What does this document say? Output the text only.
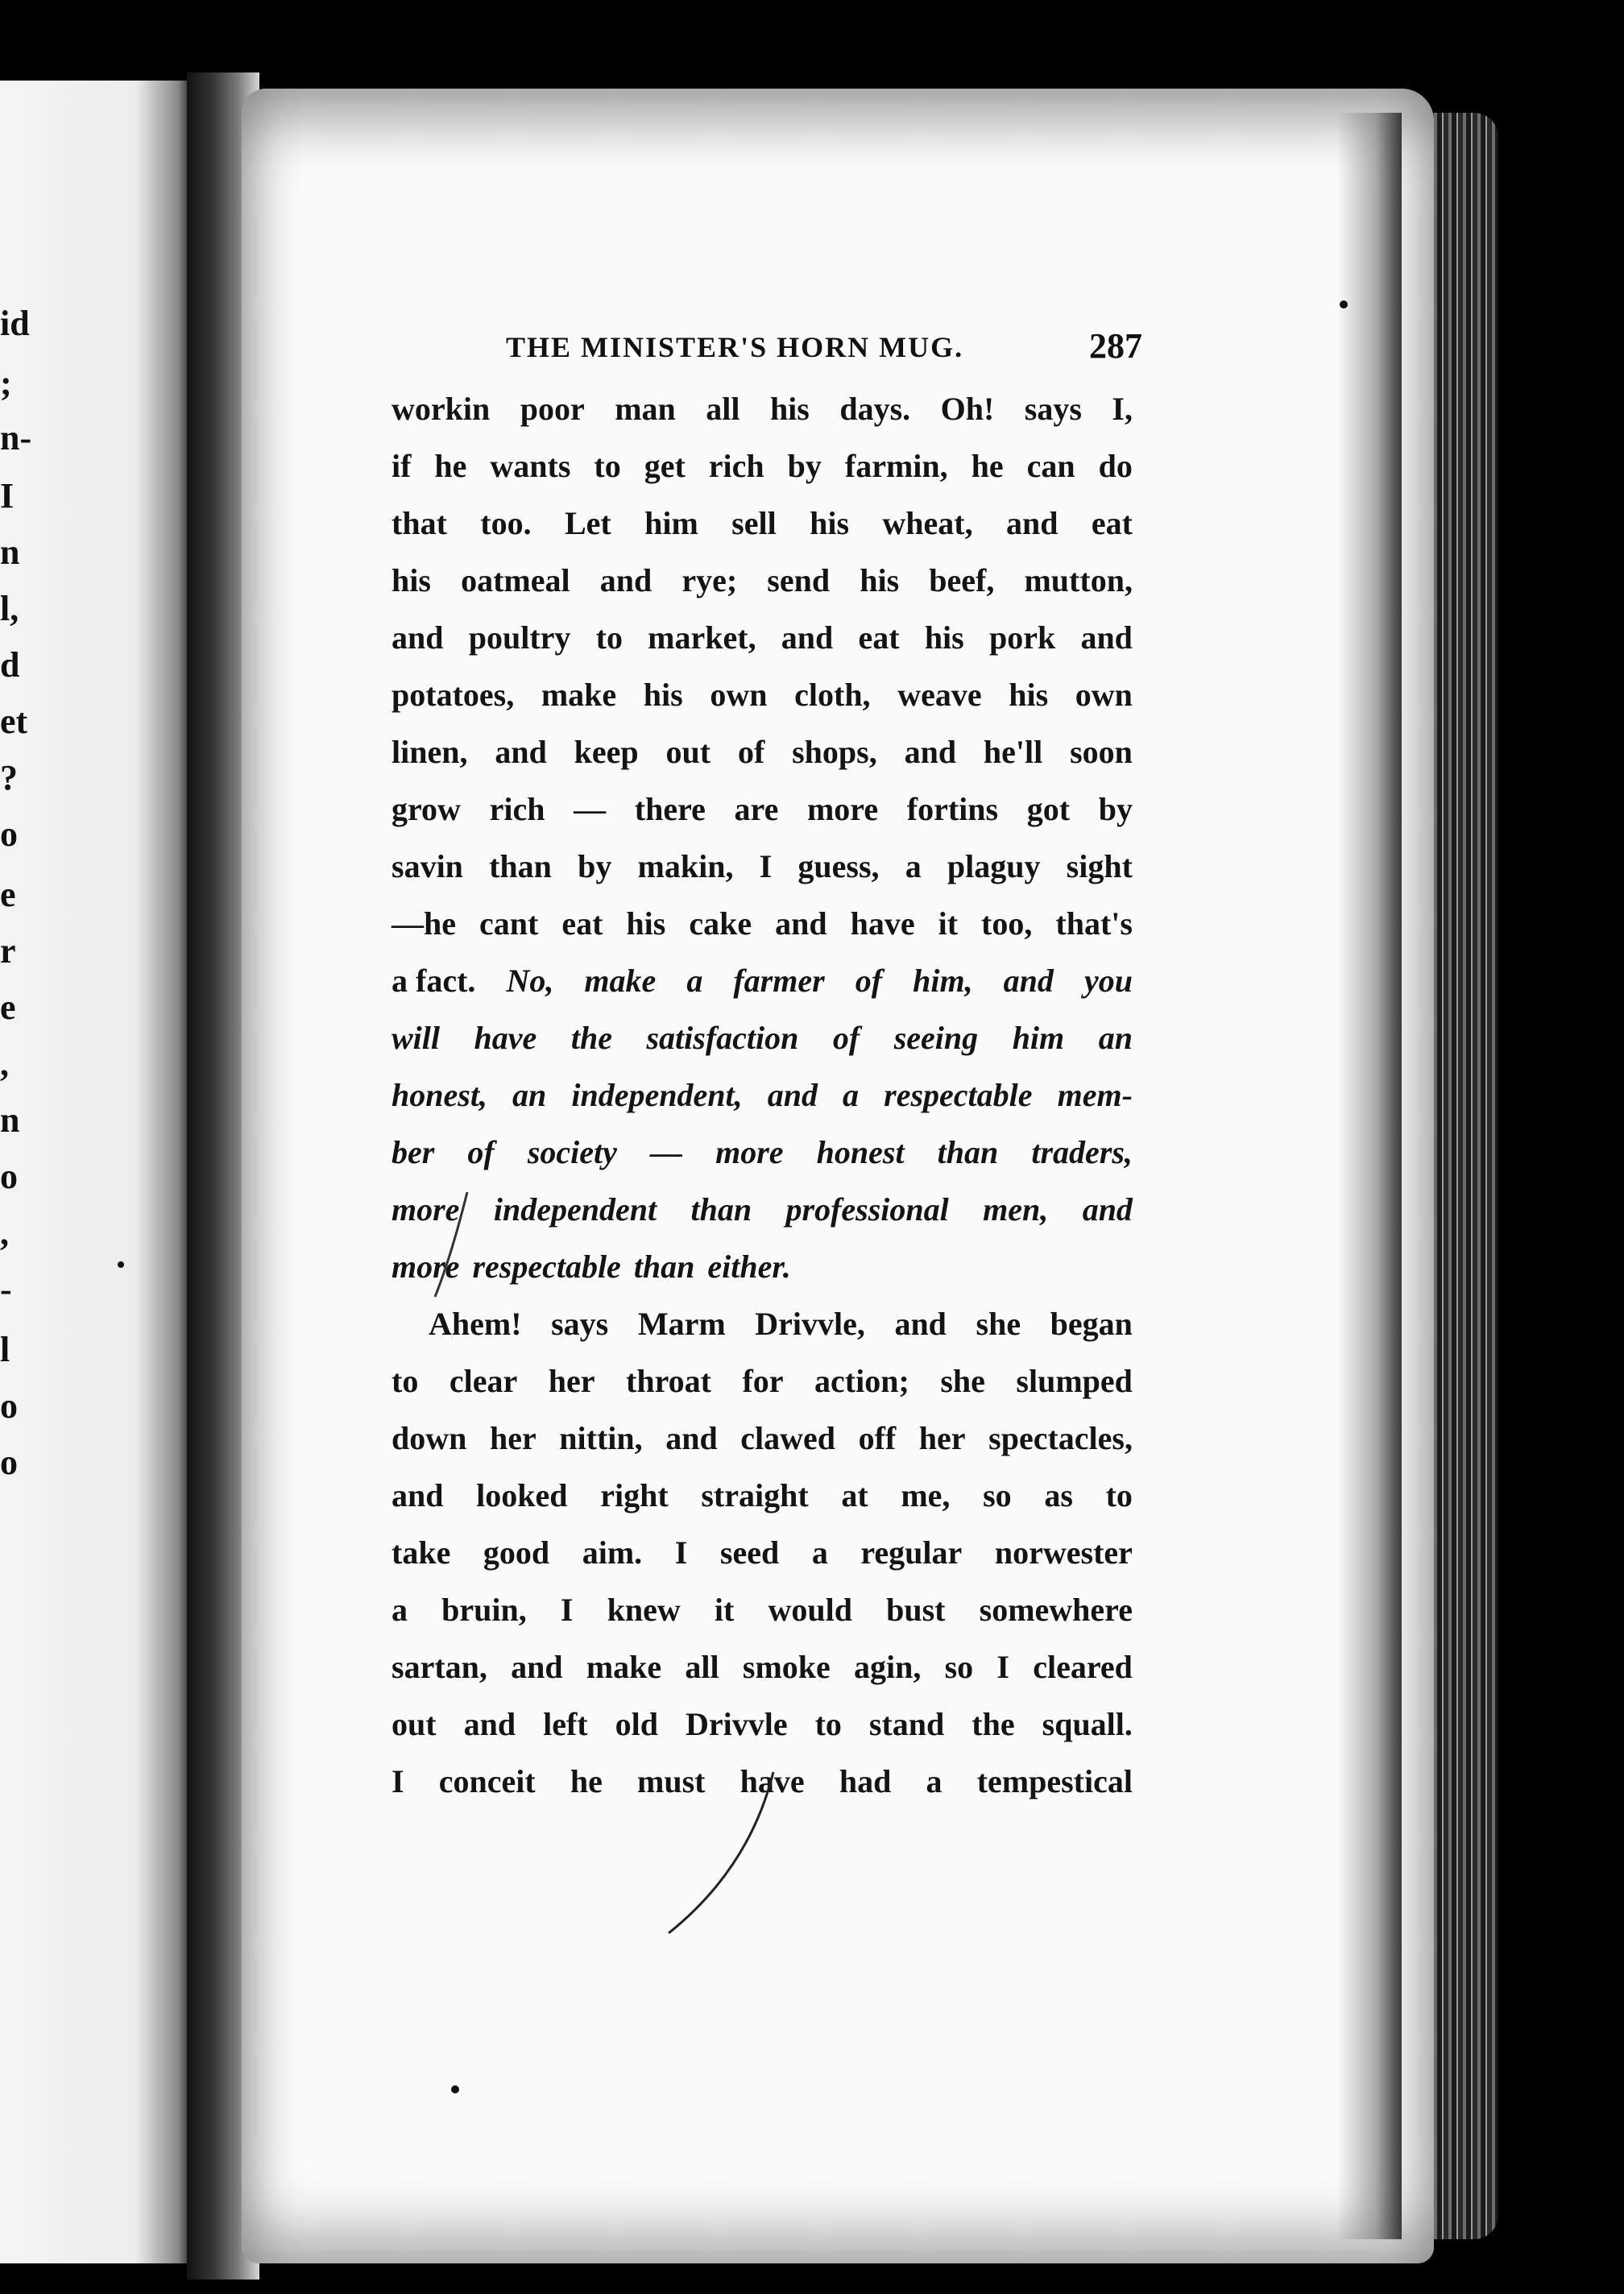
id
;
n-
I
n
l,
d
et
?
o
e
r
e
,
n
o
,
-
l
o
o
THE MINISTER'S HORN MUG.	287
workin poor man all his days. Oh! says I,
if he wants to get rich by farmin, he can do
that too. Let him sell his wheat, and eat
his oatmeal and rye; send his beef, mutton,
and poultry to market, and eat his pork and
potatoes, make his own cloth, weave his own
linen, and keep out of shops, and he'll soon
grow rich — there are more fortins got by
savin than by makin, I guess, a plaguy sight
—he cant eat his cake and have it too, that's
a fact. No, make a farmer of him, and you
will have the satisfaction of seeing him an
honest, an independent, and a respectable mem-
ber of society — more honest than traders,
more independent than professional men, and
more respectable than either.
Ahem! says Marm Drivvle, and she began
to clear her throat for action; she slumped
down her nittin, and clawed off her spectacles,
and looked right straight at me, so as to
take good aim. I seed a regular norwester
a bruin, I knew it would bust somewhere
sartan, and make all smoke agin, so I cleared
out and left old Drivvle to stand the squall.
I conceit he must have had a tempestical
